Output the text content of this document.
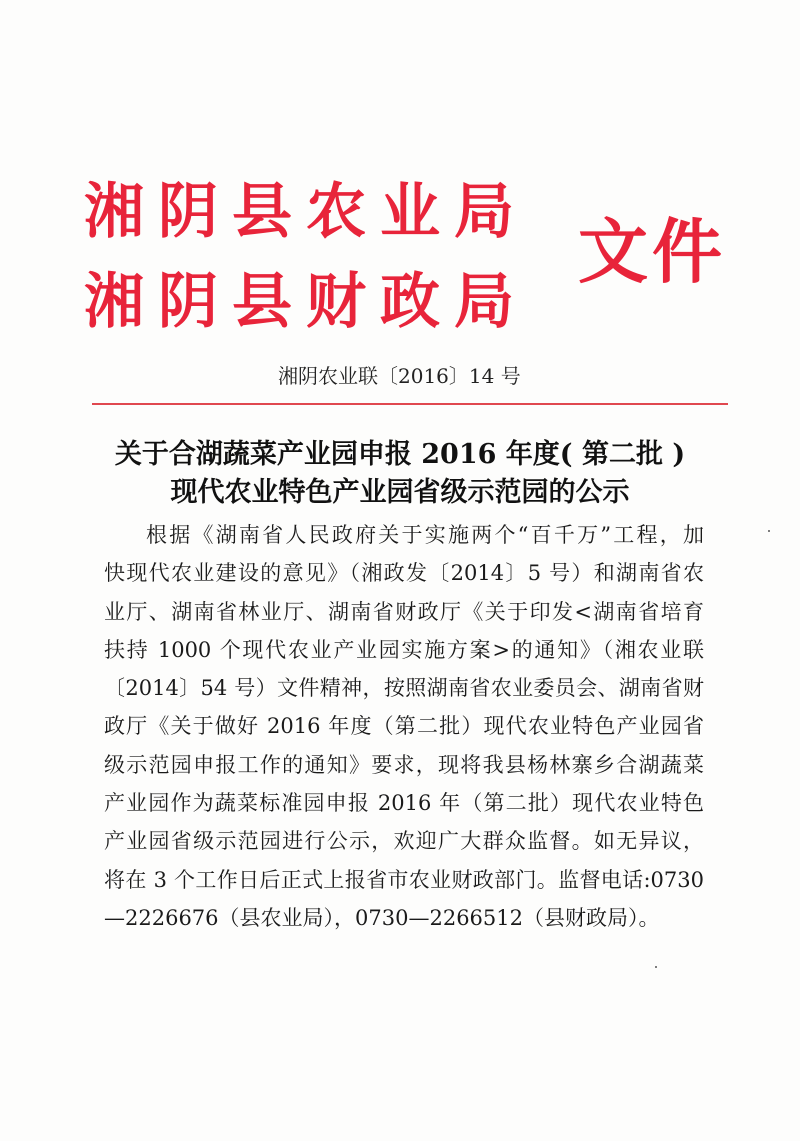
湘阴县农业局
湘阴县财政局
文件
湘阴农业联〔2016〕14 号
关于合湖蔬菜产业园申报 2016 年度( 第二批 )
现代农业特色产业园省级示范园的公示
根据《湖南省人民政府关于实施两个“百千万”工程，加
快现代农业建设的意见》（湘政发〔2014〕5 号）和湖南省农
业厅、湖南省林业厅、湖南省财政厅《关于印发<湖南省培育
扶持 1000 个现代农业产业园实施方案>的通知》（湘农业联
〔2014〕54 号）文件精神，按照湖南省农业委员会、湖南省财
政厅《关于做好 2016 年度（第二批）现代农业特色产业园省
级示范园申报工作的通知》要求，现将我县杨林寨乡合湖蔬菜
产业园作为蔬菜标准园申报 2016 年（第二批）现代农业特色
产业园省级示范园进行公示，欢迎广大群众监督。如无异议，
将在 3 个工作日后正式上报省市农业财政部门。监督电话:0730
—2226676（县农业局），0730—2266512（县财政局）。
